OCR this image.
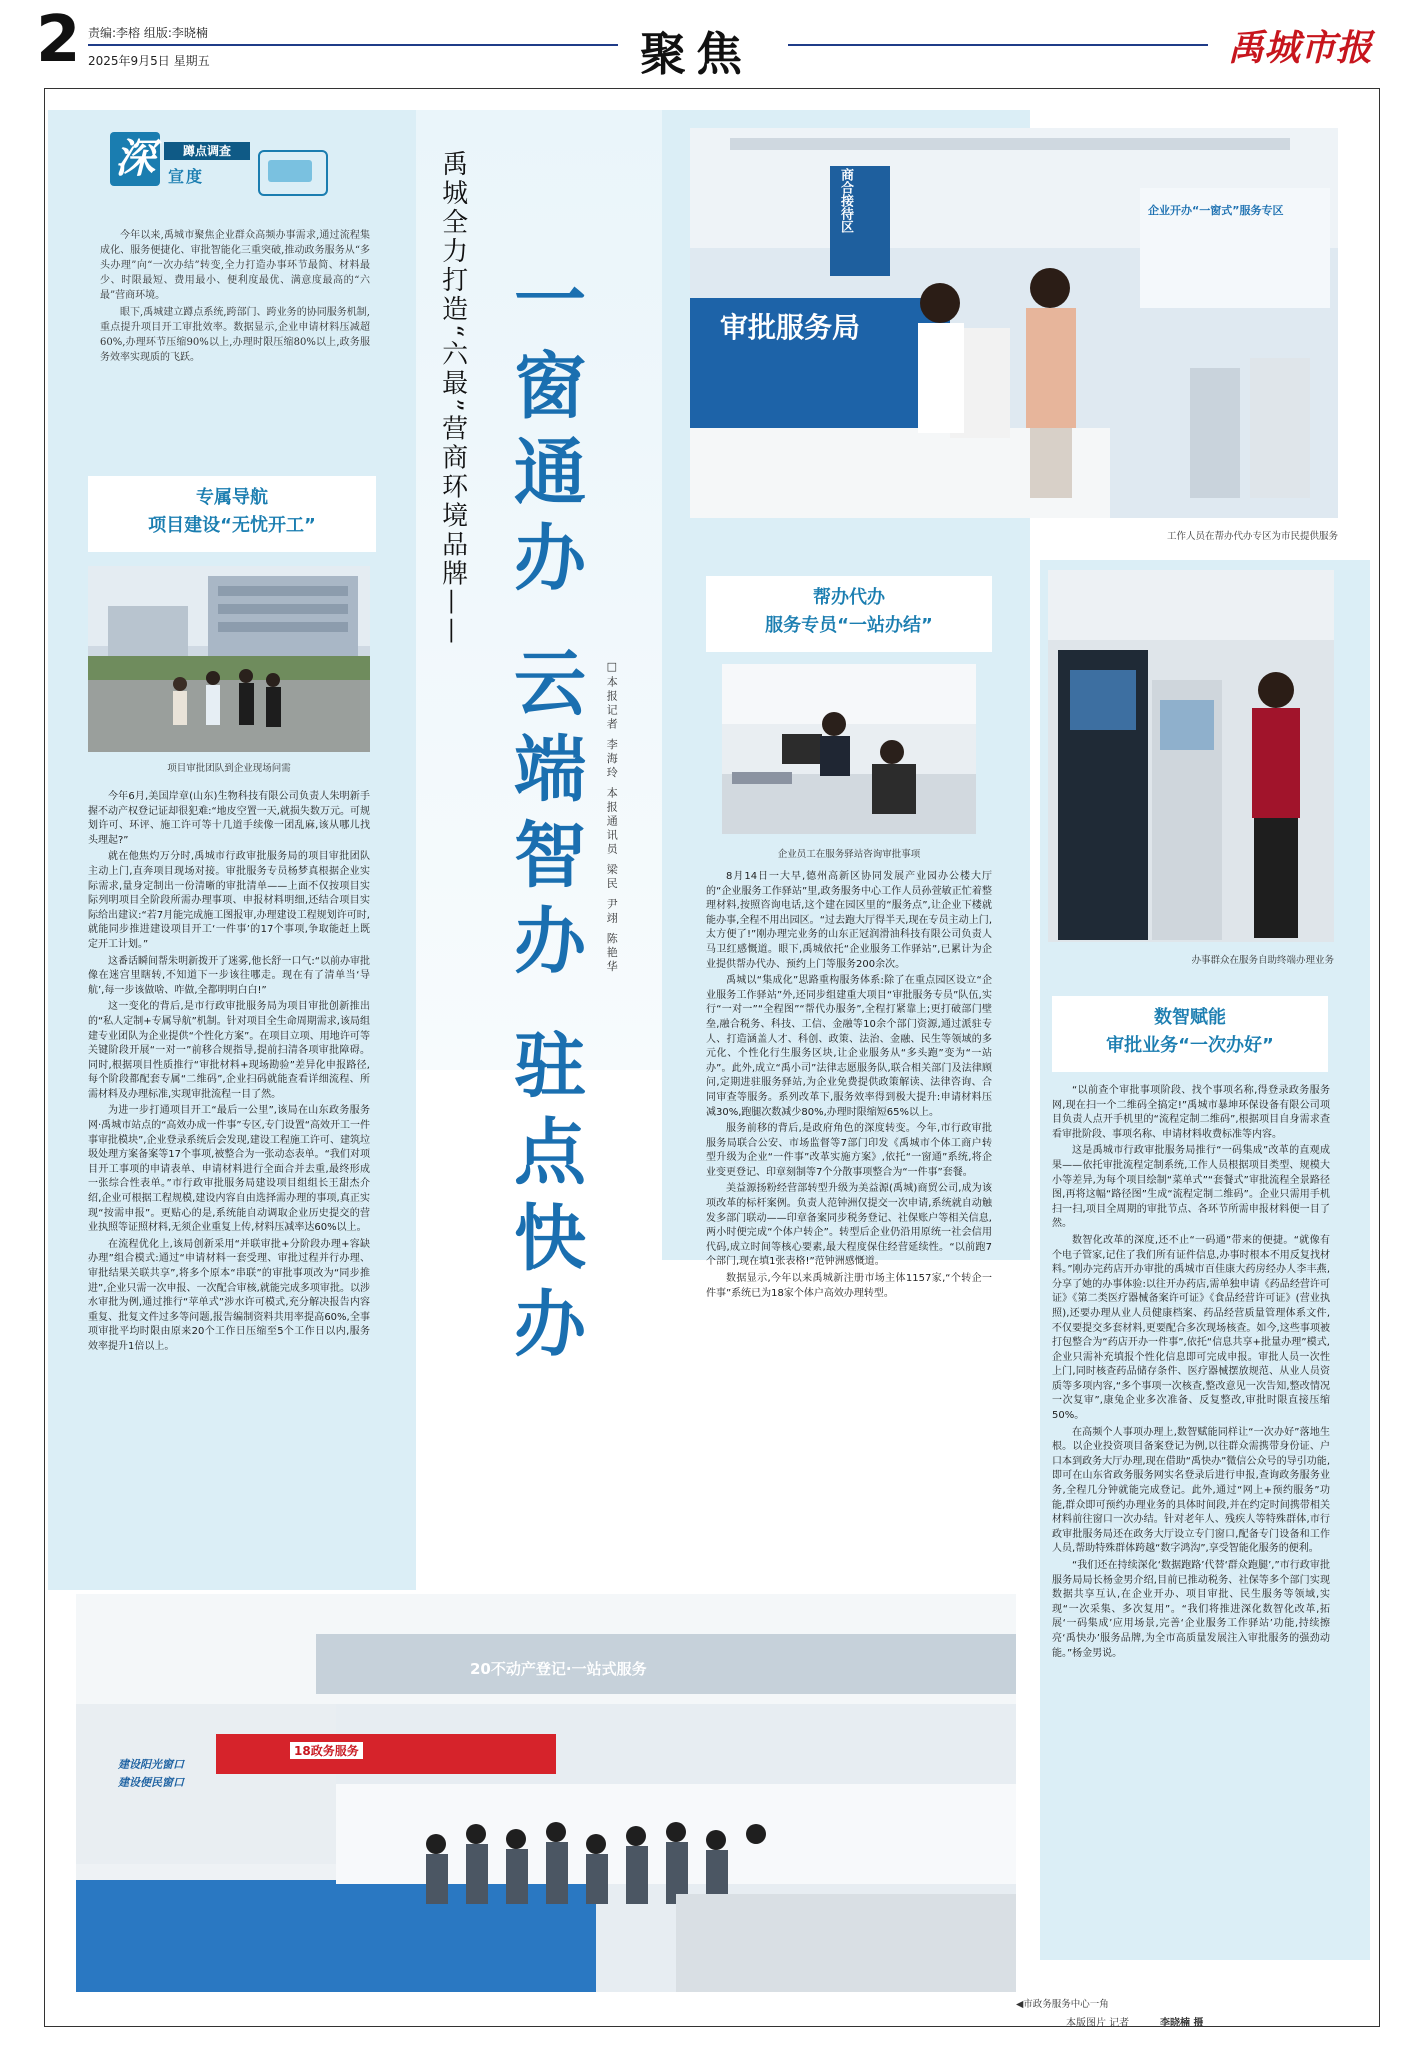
2 责编:李榕 组版:李晓楠
2025年9月5日 星期五	聚焦	禹城市报
深	蹲点调查
宣度

今年以来,禹城市聚焦企业群众高频办事需求,通过流程集成化、服务便捷化、审批智能化三重突破,推动政务服务从“多头办理”向“一次办结”转变,全力打造办事环节最简、材料最少、时限最短、费用最小、便利度最优、满意度最高的“六最”营商环境。

眼下,禹城建立蹲点系统,跨部门、跨业务的协同服务机制,重点提升项目开工审批效率。数据显示,企业申请材料压减超60%,办理环节压缩90%以上,办理时限压缩80%以上,政务服务效率实现质的飞跃。	禹城全力打造“六最”营商环境品牌—— 一窗通办 云端智办 驻点快办 □本报记者 李海玲 本报通讯员 梁民 尹翊 陈艳华
专属导航
项目建设“无忧开工”
项目审批团队到企业现场问需

今年6月,美国岸章(山东)生物科技有限公司负责人朱明新手握不动产权登记证却很犯难:“地皮空置一天,就损失数万元。可规划许可、环评、施工许可等十几道手续像一团乱麻,该从哪儿找头理起?”

就在他焦灼万分时,禹城市行政审批服务局的项目审批团队主动上门,直奔项目现场对接。审批服务专员杨梦真根据企业实际需求,量身定制出一份清晰的审批清单——上面不仅按项目实际列明项目全阶段所需办理事项、申报材料明细,还结合项目实际给出建议:“若7月能完成施工图报审,办理建设工程规划许可时,就能同步推进建设项目开工‘一件事’的17个事项,争取能赶上既定开工计划。”

这番话瞬间帮朱明新拨开了迷雾,他长舒一口气:“以前办审批像在迷宫里瞎转,不知道下一步该往哪走。现在有了清单当‘导航’,每一步该做啥、咋做,全都明明白白!”

这一变化的背后,是市行政审批服务局为项目审批创新推出的“私人定制+专属导航”机制。针对项目全生命周期需求,该局组建专业团队为企业提供“个性化方案”。在项目立项、用地许可等关键阶段开展“一对一”前移合规指导,提前扫清各项审批障碍。同时,根据项目性质推行“审批材料+现场勘验”差异化申报路径,每个阶段都配套专属“二维码”,企业扫码就能查看详细流程、所需材料及办理标准,实现审批流程一目了然。

为进一步打通项目开工“最后一公里”,该局在山东政务服务网·禹城市站点的“高效办成一件事”专区,专门设置“高效开工一件事审批模块”,企业登录系统后会发现,建设工程施工许可、建筑垃圾处理方案备案等17个事项,被整合为一张动态表单。“我们对项目开工事项的申请表单、申请材料进行全面合并去重,最终形成一张综合性表单。”市行政审批服务局建设项目组组长王甜杰介绍,企业可根据工程规模,建设内容自由选择需办理的事项,真正实现“按需申报”。更贴心的是,系统能自动调取企业历史提交的营业执照等证照材料,无须企业重复上传,材料压减率达60%以上。

在流程优化上,该局创新采用“并联审批+分阶段办理+容缺办理”组合模式:通过“申请材料一套受理、审批过程并行办理、审批结果关联共享”,将多个原本“串联”的审批事项改为“同步推进”,企业只需一次申报、一次配合审核,就能完成多项审批。以涉水审批为例,通过推行“苹单式”涉水许可模式,充分解决报告内容重复、批复文件过多等问题,报告编制资料共用率提高60%,全事项审批平均时限由原来20个工作日压缩至5个工作日以内,服务效率提升1倍以上。

审批服务局
商合接待区	企业开办“一窗式”服务专区
工作人员在帮办代办专区为市民提供服务
帮办代办
服务专员“一站办结”
企业员工在服务驿站咨询审批事项

8月14日一大早,德州高新区协同发展产业园办公楼大厅的“企业服务工作驿站”里,政务服务中心工作人员孙萱敏正忙着整理材料,按照咨询电话,这个建在园区里的“服务点”,让企业下楼就能办事,全程不用出园区。“过去跑大厅得半天,现在专员主动上门,太方便了!”刚办理完业务的山东正冠润滑油科技有限公司负责人马卫红感慨道。眼下,禹城依托“企业服务工作驿站”,已累计为企业提供帮办代办、预约上门等服务200余次。

禹城以“集成化”思路重构服务体系:除了在重点园区设立“企业服务工作驿站”外,还同步组建重大项目“审批服务专员”队伍,实行“一对一”“全程图”“帮代办服务”,全程打紧靠上;更打破部门壁垒,融合税务、科技、工信、金融等10余个部门资源,通过派驻专人、打造涵盖人才、科创、政策、法治、金融、民生等领域的多元化、个性化行生服务区块,让企业服务从“多头跑”变为“一站办”。此外,成立“禹小司”法律志愿服务队,联合相关部门及法律顾问,定期进驻服务驿站,为企业免费提供政策解读、法律咨询、合同审查等服务。系列改革下,服务效率得到极大提升:申请材料压减30%,跑腿次数减少80%,办理时限缩短65%以上。

服务前移的背后,是政府角色的深度转变。今年,市行政审批服务局联合公安、市场监督等7部门印发《禹城市个体工商户转型升级为企业“一件事”改革实施方案》,依托“一窗通”系统,将企业变更登记、印章刻制等7个分散事项整合为“一件事”套餐。

美益源扬粉经营部转型升级为美益源(禹城)商贸公司,成为该项改革的标杆案例。负责人范钟洲仅提交一次申请,系统就自动触发多部门联动——印章备案同步税务登记、社保账户等相关信息,两小时便完成“个体户转企”。转型后企业仍沿用原统一社会信用代码,成立时间等核心要素,最大程度保住经营延续性。“以前跑7个部门,现在填1张表格!”范钟洲感慨道。

数据显示,今年以来禹城新注册市场主体1157家,“个转企一件事”系统已为18家个体户高效办理转型。

办事群众在服务自助终端办理业务
数智赋能
审批业务“一次办好”

“以前查个审批事项阶段、找个事项名称,得登录政务服务网,现在扫一个二维码全搞定!”禹城市暴坤环保设备有限公司项目负责人点开手机里的“流程定制二维码”,根据项目自身需求查看审批阶段、事项名称、申请材料收费标准等内容。

这是禹城市行政审批服务局推行“一码集成”改革的直观成果——依托审批流程定制系统,工作人员根据项目类型、规模大小等差异,为每个项目绘制“菜单式”“套餐式”审批流程全景路径图,再将这幅“路径图”生成“流程定制二维码”。企业只需用手机扫一扫,项目全周期的审批节点、各环节所需申报材料便一目了然。

数智化改革的深度,还不止“一码通”带来的便捷。“就像有个电子管家,记住了我们所有证件信息,办事时根本不用反复找材料。”刚办完药店开办审批的禹城市百佳康大药房经办人李丰燕,分享了她的办事体验:以往开办药店,需单独申请《药品经营许可证》《第二类医疗器械备案许可证》《食品经营许可证》(营业执照),还要办理从业人员健康档案、药品经营质量管理体系文件,不仅要提交多套材料,更要配合多次现场核查。如今,这些事项被打包整合为“药店开办一件事”,依托“信息共享+批量办理”模式,企业只需补充填报个性化信息即可完成申报。审批人员一次性上门,同时核查药品储存条件、医疗器械摆放规范、从业人员资质等多项内容,“多个事项一次核查,整改意见一次告知,整改情况一次复审”,康兔企业多次准备、反复整改,审批时限直接压缩50%。

在高频个人事项办理上,数智赋能同样让“一次办好”落地生根。以企业投资项目备案登记为例,以往群众需携带身份证、户口本到政务大厅办理,现在借助“禹快办”微信公众号的导引功能,即可在山东省政务服务网实名登录后进行申报,查询政务服务业务,全程几分钟就能完成登记。此外,通过“网上+预约服务”功能,群众即可预约办理业务的具体时间段,并在约定时间携带相关材料前往窗口一次办结。针对老年人、残疾人等特殊群体,市行政审批服务局还在政务大厅设立专门窗口,配备专门设备和工作人员,帮助特殊群体跨越“数字鸿沟”,享受智能化服务的便利。

“我们还在持续深化‘数据跑路’代替‘群众跑腿’,”市行政审批服务局局长杨金男介绍,目前已推动税务、社保等多个部门实现数据共享互认,在企业开办、项目审批、民生服务等领域,实现“一次采集、多次复用”。“我们将推进深化数智化改革,拓展‘一码集成’应用场景,完善‘企业服务工作驿站’功能,持续擦亮‘禹快办’服务品牌,为全市高质量发展注入审批服务的强劲动能。”杨金男说。

20不动产登记·一站式服务
18政务服务
建设阳光窗口
建设便民窗口
◀市政务服务中心一角
本版图片 记者	李晓楠 摄
